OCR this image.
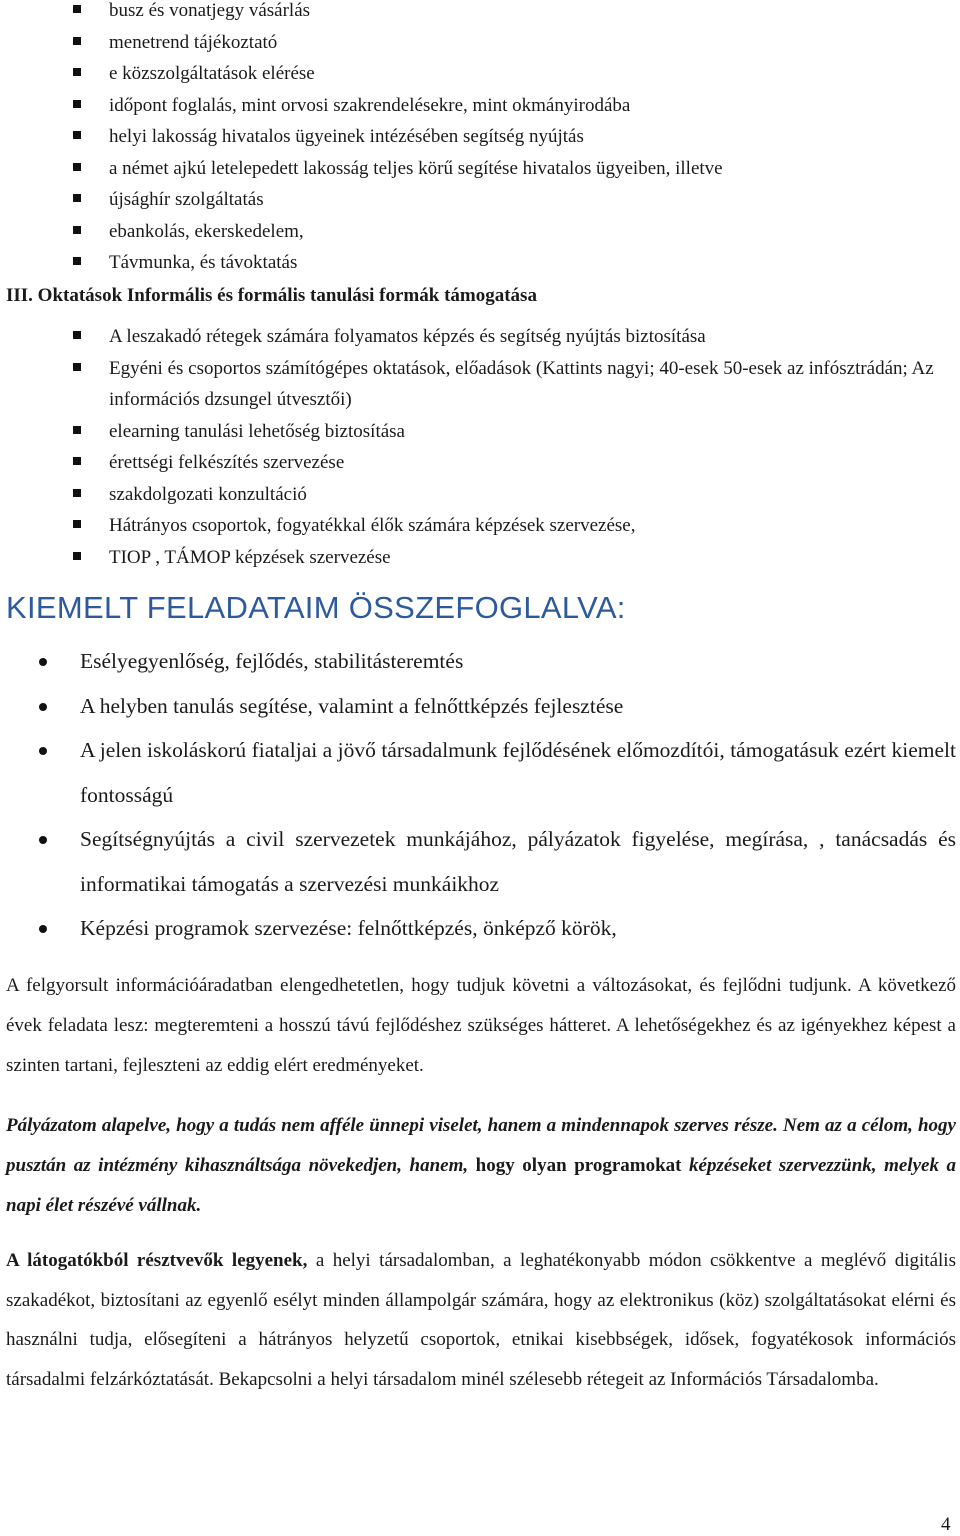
busz és vonatjegy vásárlás
menetrend tájékoztató
e közszolgáltatások elérése
időpont foglalás, mint orvosi szakrendelésekre, mint okmányirodába
helyi lakosság hivatalos ügyeinek intézésében segítség nyújtás
a német ajkú letelepedett lakosság teljes körű segítése hivatalos ügyeiben, illetve
újsághír szolgáltatás
ebankolás, ekerskedelem,
Távmunka, és távoktatás
III. Oktatások Informális és formális tanulási formák támogatása
A leszakadó rétegek számára folyamatos képzés és segítség nyújtás biztosítása
Egyéni és csoportos számítógépes oktatások, előadások (Kattints nagyi; 40-esek 50-esek az infósztrádán; Az információs dzsungel útvesztői)
elearning tanulási lehetőség biztosítása
érettségi felkészítés szervezése
szakdolgozati konzultáció
Hátrányos csoportok, fogyatékkal élők számára képzések szervezése,
TIOP , TÁMOP képzések szervezése
KIEMELT FELADATAIM ÖSSZEFOGLALVA:
Esélyegyenlőség, fejlődés, stabilitásteremtés
A helyben tanulás segítése, valamint a felnőttképzés fejlesztése
A jelen iskoláskorú fiataljai a jövő társadalmunk fejlődésének előmozdítói, támogatásuk ezért kiemelt fontosságú
Segítségnyújtás a civil szervezetek munkájához, pályázatok figyelése, megírása, , tanácsadás és informatikai támogatás a szervezési munkáikhoz
Képzési programok szervezése: felnőttképzés, önképző körök,

A felgyorsult információáradatban elengedhetetlen, hogy tudjuk követni a változásokat, és fejlődni tudjunk. A következő évek feladata lesz: megteremteni a hosszú távú fejlődéshez szükséges hátteret. A lehetőségekhez és az igényekhez képest a szinten tartani, fejleszteni az eddig elért eredményeket.

Pályázatom alapelve, hogy a tudás nem afféle ünnepi viselet, hanem a mindennapok szerves része. Nem az a célom, hogy pusztán az intézmény kihasználtsága növekedjen, hanem, hogy olyan programokat képzéseket szervezzünk, melyek a napi élet részévé vállnak.

A látogatókból résztvevők legyenek, a helyi társadalomban, a leghatékonyabb módon csökkentve a meglévő digitális szakadékot, biztosítani az egyenlő esélyt minden állampolgár számára, hogy az elektronikus (köz) szolgáltatásokat elérni és használni tudja, elősegíteni a hátrányos helyzetű csoportok, etnikai kisebbségek, idősek, fogyatékosok információs társadalmi felzárkóztatását. Bekapcsolni a helyi társadalom minél szélesebb rétegeit az Információs Társadalomba.

4
